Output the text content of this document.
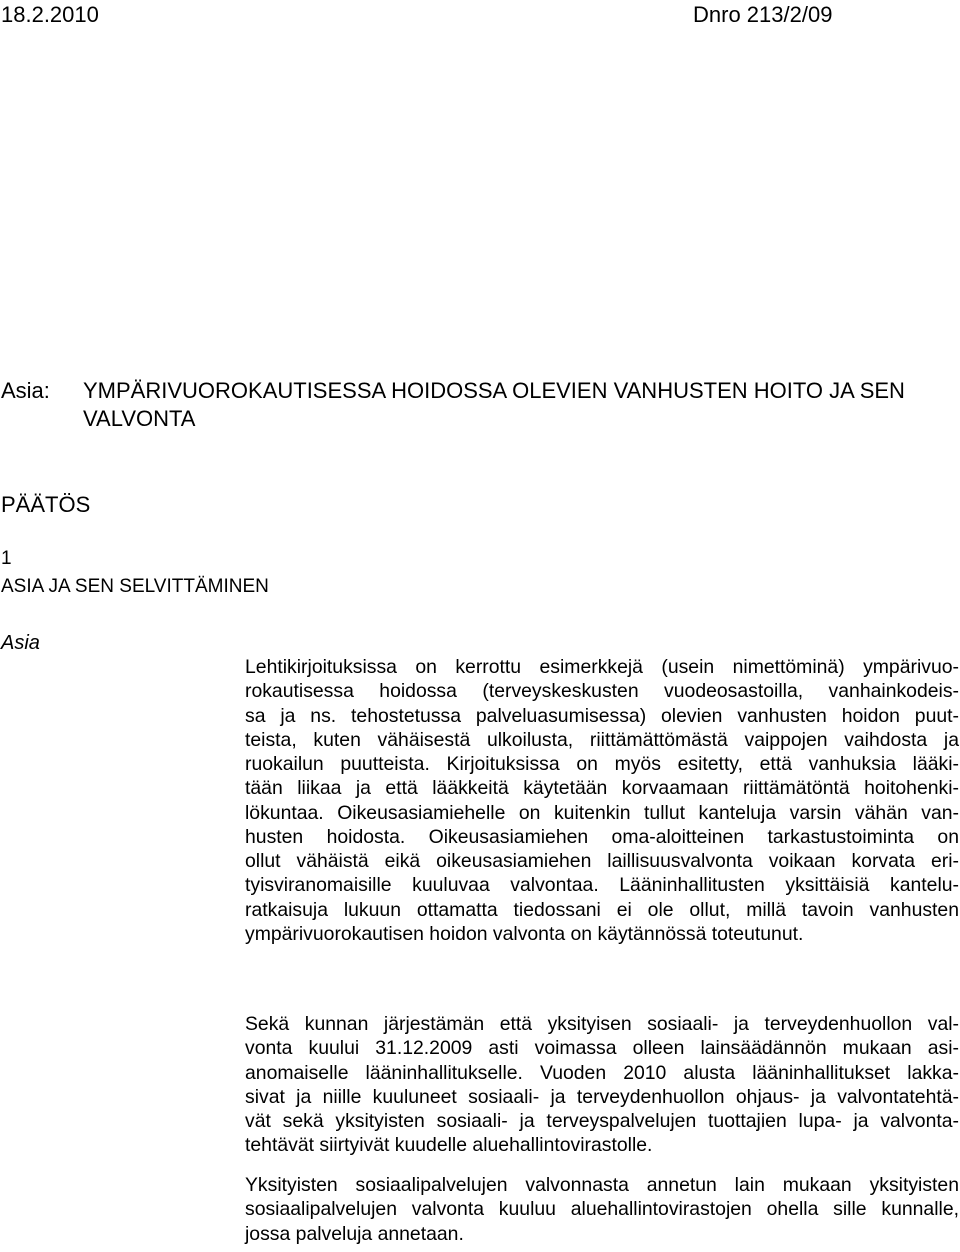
18.2.2010	Dnro 213/2/09
Asia: YMPÄRIVUOROKAUTISESSA HOIDOSSA OLEVIEN VANHUSTEN HOITO JA SEN
VALVONTA
PÄÄTÖS
1
ASIA JA SEN SELVITTÄMINEN
Asia
Lehtikirjoituksissa on kerrottu esimerkkejä (usein nimettöminä) ympärivuo-
rokautisessa hoidossa (terveyskeskusten vuodeosastoilla, vanhainkodeis-
sa ja ns. tehostetussa palveluasumisessa) olevien vanhusten hoidon puut-
teista, kuten vähäisestä ulkoilusta, riittämättömästä vaippojen vaihdosta ja
ruokailun puutteista. Kirjoituksissa on myös esitetty, että vanhuksia lääki-
tään liikaa ja että lääkkeitä käytetään korvaamaan riittämätöntä hoitohenki-
lökuntaa. Oikeusasiamiehelle on kuitenkin tullut kanteluja varsin vähän van-
husten hoidosta. Oikeusasiamiehen oma-aloitteinen tarkastustoiminta on
ollut vähäistä eikä oikeusasiamiehen laillisuusvalvonta voikaan korvata eri-
tyisviranomaisille kuuluvaa valvontaa. Lääninhallitusten yksittäisiä kantelu-
ratkaisuja lukuun ottamatta tiedossani ei ole ollut, millä tavoin vanhusten
ympärivuorokautisen hoidon valvonta on käytännössä toteutunut.
Sekä kunnan järjestämän että yksityisen sosiaali- ja terveydenhuollon val-
vonta kuului 31.12.2009 asti voimassa olleen lainsäädännön mukaan asi-
anomaiselle lääninhallitukselle. Vuoden 2010 alusta lääninhallitukset lakka-
sivat ja niille kuuluneet sosiaali- ja terveydenhuollon ohjaus- ja valvontatehtä-
vät sekä yksityisten sosiaali- ja terveyspalvelujen tuottajien lupa- ja valvonta-
tehtävät siirtyivät kuudelle aluehallintovirastolle.
Yksityisten sosiaalipalvelujen valvonnasta annetun lain mukaan yksityisten
sosiaalipalvelujen valvonta kuuluu aluehallintovirastojen ohella sille kunnalle,
jossa palveluja annetaan.
